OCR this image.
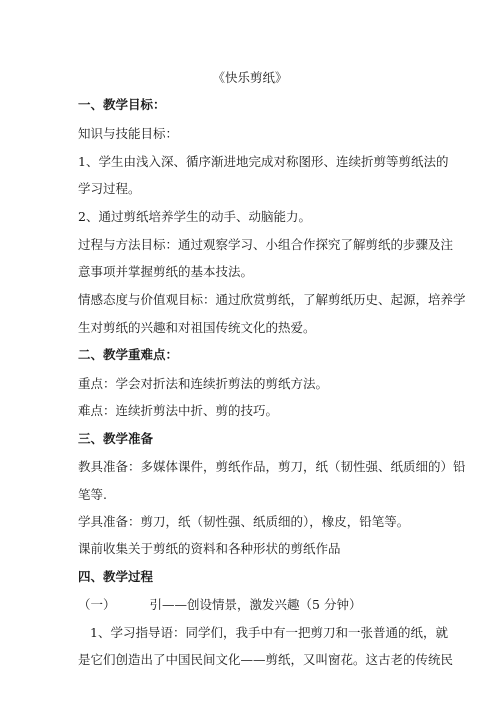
《快乐剪纸》
一、教学目标：
知识与技能目标：
1、学生由浅入深、循序渐进地完成对称图形、连续折剪等剪纸法的
学习过程。
2、通过剪纸培养学生的动手、动脑能力。
过程与方法目标：通过观察学习、小组合作探究了解剪纸的步骤及注
意事项并掌握剪纸的基本技法。
情感态度与价值观目标：通过欣赏剪纸，了解剪纸历史、起源，培养学
生对剪纸的兴趣和对祖国传统文化的热爱。
二、教学重难点：
重点：学会对折法和连续折剪法的剪纸方法。
难点：连续折剪法中折、剪的技巧。
三、教学准备
教具准备：多媒体课件，剪纸作品，剪刀，纸（韧性强、纸质细的）铅
笔等.
学具准备：剪刀，纸（韧性强、纸质细的），橡皮，铅笔等。
课前收集关于剪纸的资料和各种形状的剪纸作品
四、教学过程
（一）	引——创设情景，激发兴趣（5 分钟）
1、学习指导语：同学们，我手中有一把剪刀和一张普通的纸，就
是它们创造出了中国民间文化——剪纸，又叫窗花。这古老的传统民
